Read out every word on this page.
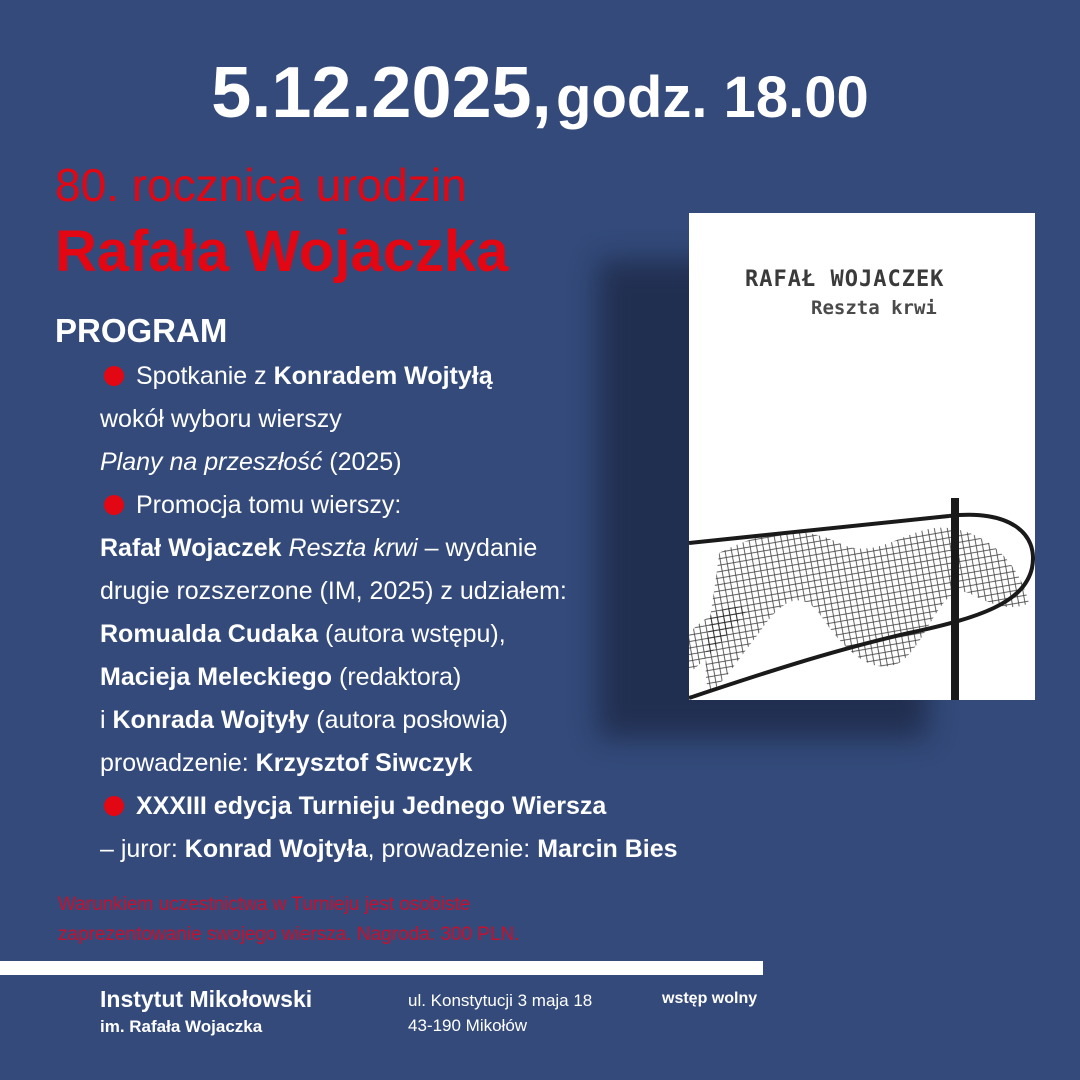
5.12.2025, godz. 18.00
80. rocznica urodzin
Rafała Wojaczka
PROGRAM
Spotkanie z Konradem Wojtyłą
wokół wyboru wierszy
Plany na przeszłość (2025)
Promocja tomu wierszy:
Rafał Wojaczek Reszta krwi – wydanie
drugie rozszerzone (IM, 2025) z udziałem:
Romualda Cudaka (autora wstępu),
Macieja Meleckiego (redaktora)
i Konrada Wojtyły (autora posłowia)
prowadzenie: Krzysztof Siwczyk
XXXIII edycja Turnieju Jednego Wiersza
– juror: Konrad Wojtyła, prowadzenie: Marcin Bies
Warunkiem uczestnictwa w Turnieju jest osobiste
zaprezentowanie swojego wiersza. Nagroda: 300 PLN.
Instytut Mikołowski
im. Rafała Wojaczka
ul. Konstytucji 3 maja 18
43-190 Mikołów
wstęp wolny
RAFAŁ WOJACZEK
Reszta krwi
